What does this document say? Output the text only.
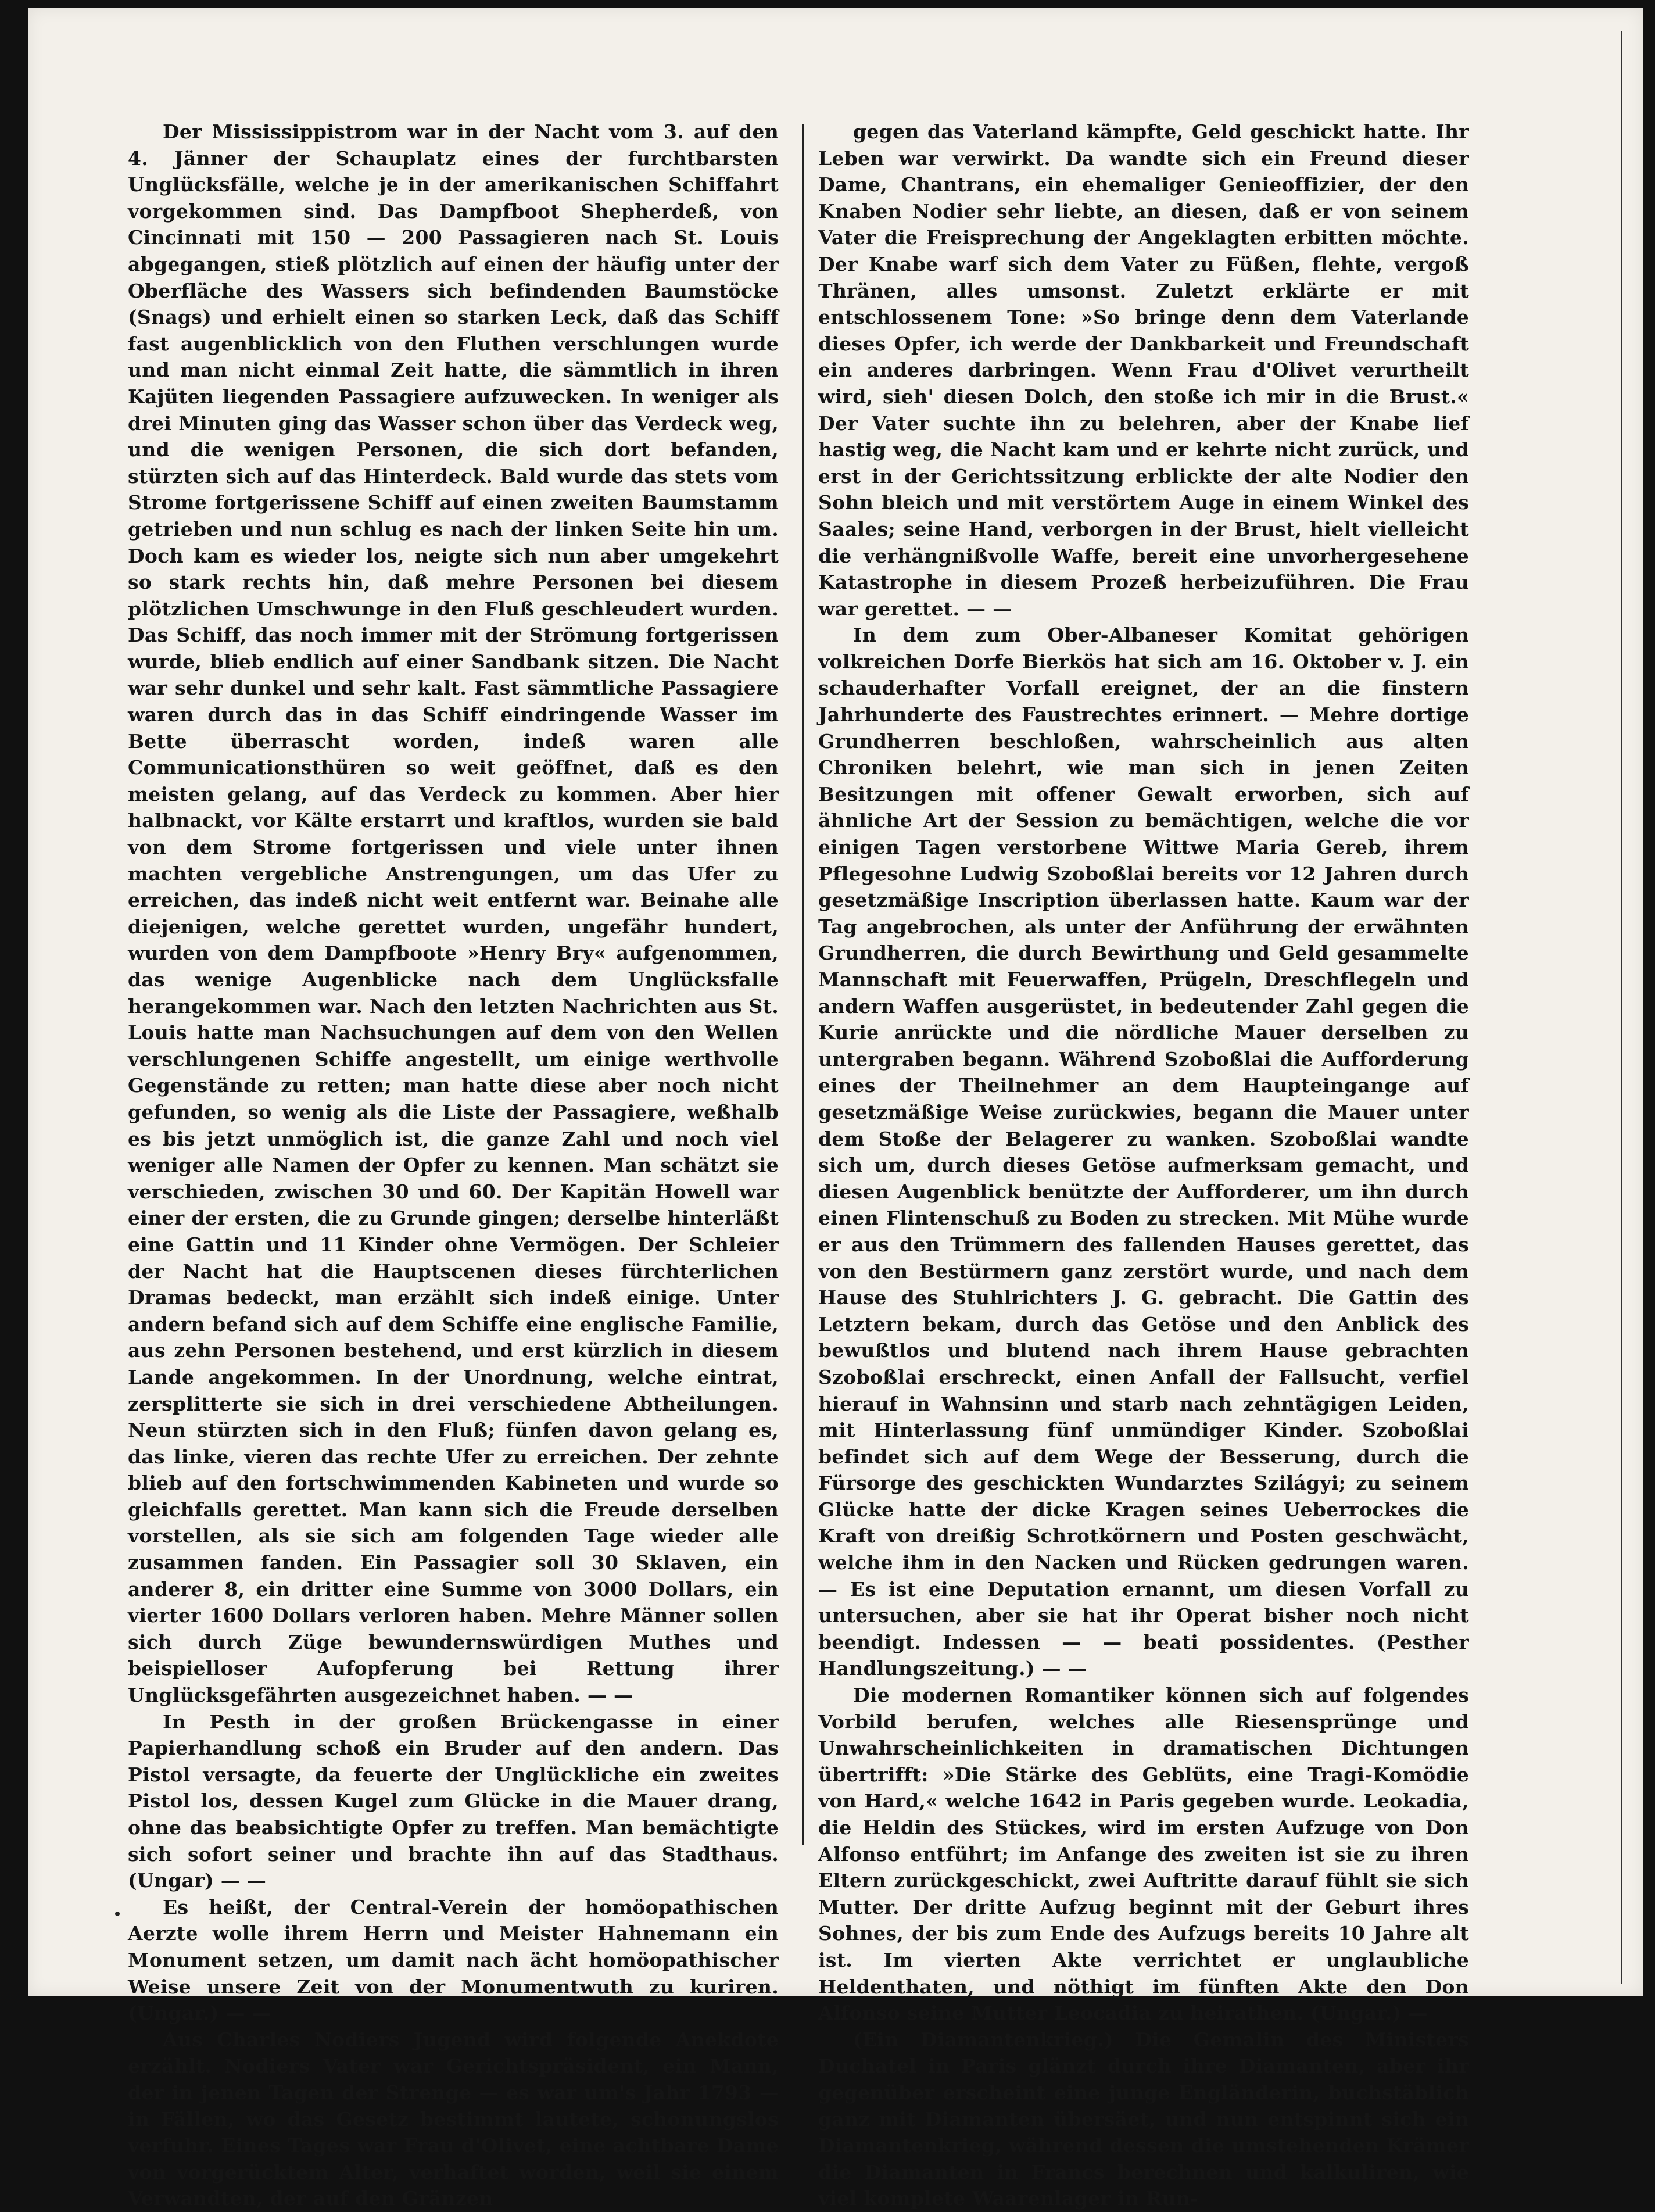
Der Mississippistrom war in der Nacht vom 3. auf den 4. Jänner der Schauplatz eines der furchtbarsten Unglücksfälle, welche je in der amerikanischen Schiffahrt vorgekommen sind. Das Dampfboot Shepherdeß, von Cincinnati mit 150 — 200 Passagieren nach St. Louis abgegangen, stieß plötzlich auf einen der häufig unter der Oberfläche des Wassers sich befindenden Baumstöcke (Snags) und erhielt einen so starken Leck, daß das Schiff fast augenblicklich von den Fluthen verschlungen wurde und man nicht einmal Zeit hatte, die sämmtlich in ihren Kajüten liegenden Passagiere aufzuwecken. In weniger als drei Minuten ging das Wasser schon über das Verdeck weg, und die wenigen Personen, die sich dort befanden, stürzten sich auf das Hinterdeck. Bald wurde das stets vom Strome fortgerissene Schiff auf einen zweiten Baumstamm getrieben und nun schlug es nach der linken Seite hin um. Doch kam es wieder los, neigte sich nun aber umgekehrt so stark rechts hin, daß mehre Personen bei diesem plötzlichen Umschwunge in den Fluß geschleudert wurden. Das Schiff, das noch immer mit der Strömung fortgerissen wurde, blieb endlich auf einer Sandbank sitzen. Die Nacht war sehr dunkel und sehr kalt. Fast sämmtliche Passagiere waren durch das in das Schiff eindringende Wasser im Bette überrascht worden, indeß waren alle Communicationsthüren so weit geöffnet, daß es den meisten gelang, auf das Verdeck zu kommen. Aber hier halbnackt, vor Kälte erstarrt und kraftlos, wurden sie bald von dem Strome fortgerissen und viele unter ihnen machten vergebliche Anstrengungen, um das Ufer zu erreichen, das indeß nicht weit entfernt war. Beinahe alle diejenigen, welche gerettet wurden, ungefähr hundert, wurden von dem Dampfboote »Henry Bry« aufgenommen, das wenige Augenblicke nach dem Unglücksfalle herangekommen war. Nach den letzten Nachrichten aus St. Louis hatte man Nachsuchungen auf dem von den Wellen verschlungenen Schiffe angestellt, um einige werthvolle Gegenstände zu retten; man hatte diese aber noch nicht gefunden, so wenig als die Liste der Passagiere, weßhalb es bis jetzt unmöglich ist, die ganze Zahl und noch viel weniger alle Namen der Opfer zu kennen. Man schätzt sie verschieden, zwischen 30 und 60. Der Kapitän Howell war einer der ersten, die zu Grunde gingen; derselbe hinterläßt eine Gattin und 11 Kinder ohne Vermögen. Der Schleier der Nacht hat die Hauptscenen dieses fürchterlichen Dramas bedeckt, man erzählt sich indeß einige. Unter andern befand sich auf dem Schiffe eine englische Familie, aus zehn Personen bestehend, und erst kürzlich in diesem Lande angekommen. In der Unordnung, welche eintrat, zersplitterte sie sich in drei verschiedene Abtheilungen. Neun stürzten sich in den Fluß; fünfen davon gelang es, das linke, vieren das rechte Ufer zu erreichen. Der zehnte blieb auf den fortschwimmenden Kabineten und wurde so gleichfalls gerettet. Man kann sich die Freude derselben vorstellen, als sie sich am folgenden Tage wieder alle zusammen fanden. Ein Passagier soll 30 Sklaven, ein anderer 8, ein dritter eine Summe von 3000 Dollars, ein vierter 1600 Dollars verloren haben. Mehre Männer sollen sich durch Züge bewundernswürdigen Muthes und beispielloser Aufopferung bei Rettung ihrer Unglücksgefährten ausgezeichnet haben. — —

In Pesth in der großen Brückengasse in einer Papierhandlung schoß ein Bruder auf den andern. Das Pistol versagte, da feuerte der Unglückliche ein zweites Pistol los, dessen Kugel zum Glücke in die Mauer drang, ohne das beabsichtigte Opfer zu treffen. Man bemächtigte sich sofort seiner und brachte ihn auf das Stadthaus. (Ungar) — —

Es heißt, der Central-Verein der homöopathischen Aerzte wolle ihrem Herrn und Meister Hahnemann ein Monument setzen, um damit nach ächt homöopathischer Weise unsere Zeit von der Monumentwuth zu kuriren. (Ungar.) — —

Aus Charles Nodiers Jugend wird folgende Anekdote erzählt. Nodiers Vater war Gerichtspräsident, ein Mann, der in jenen Tagen der Strenge — es war um's Jahr 1793 — in Fällen, wo das Gesetz bestimmt lautete, schonungslos verfuhr. Eines Tages war Frau d'Olivet, eine achtbare Dame von vorgerücktem Alter, verhaftet worden, weil sie einem Verwandten, der auf den Gränzen

gegen das Vaterland kämpfte, Geld geschickt hatte. Ihr Leben war verwirkt. Da wandte sich ein Freund dieser Dame, Chantrans, ein ehemaliger Genieoffizier, der den Knaben Nodier sehr liebte, an diesen, daß er von seinem Vater die Freisprechung der Angeklagten erbitten möchte. Der Knabe warf sich dem Vater zu Füßen, flehte, vergoß Thränen, alles umsonst. Zuletzt erklärte er mit entschlossenem Tone: »So bringe denn dem Vaterlande dieses Opfer, ich werde der Dankbarkeit und Freundschaft ein anderes darbringen. Wenn Frau d'Olivet verurtheilt wird, sieh' diesen Dolch, den stoße ich mir in die Brust.« Der Vater suchte ihn zu belehren, aber der Knabe lief hastig weg, die Nacht kam und er kehrte nicht zurück, und erst in der Gerichtssitzung erblickte der alte Nodier den Sohn bleich und mit verstörtem Auge in einem Winkel des Saales; seine Hand, verborgen in der Brust, hielt vielleicht die verhängnißvolle Waffe, bereit eine unvorhergesehene Katastrophe in diesem Prozeß herbeizuführen. Die Frau war gerettet. — —

In dem zum Ober-Albaneser Komitat gehörigen volkreichen Dorfe Bierkös hat sich am 16. Oktober v. J. ein schauderhafter Vorfall ereignet, der an die finstern Jahrhunderte des Faustrechtes erinnert. — Mehre dortige Grundherren beschloßen, wahrscheinlich aus alten Chroniken belehrt, wie man sich in jenen Zeiten Besitzungen mit offener Gewalt erworben, sich auf ähnliche Art der Session zu bemächtigen, welche die vor einigen Tagen verstorbene Wittwe Maria Gereb, ihrem Pflegesohne Ludwig Szoboßlai bereits vor 12 Jahren durch gesetzmäßige Inscription überlassen hatte. Kaum war der Tag angebrochen, als unter der Anführung der erwähnten Grundherren, die durch Bewirthung und Geld gesammelte Mannschaft mit Feuerwaffen, Prügeln, Dreschflegeln und andern Waffen ausgerüstet, in bedeutender Zahl gegen die Kurie anrückte und die nördliche Mauer derselben zu untergraben begann. Während Szoboßlai die Aufforderung eines der Theilnehmer an dem Haupteingange auf gesetzmäßige Weise zurückwies, begann die Mauer unter dem Stoße der Belagerer zu wanken. Szoboßlai wandte sich um, durch dieses Getöse aufmerksam gemacht, und diesen Augenblick benützte der Aufforderer, um ihn durch einen Flintenschuß zu Boden zu strecken. Mit Mühe wurde er aus den Trümmern des fallenden Hauses gerettet, das von den Bestürmern ganz zerstört wurde, und nach dem Hause des Stuhlrichters J. G. gebracht. Die Gattin des Letztern bekam, durch das Getöse und den Anblick des bewußtlos und blutend nach ihrem Hause gebrachten Szoboßlai erschreckt, einen Anfall der Fallsucht, verfiel hierauf in Wahnsinn und starb nach zehntägigen Leiden, mit Hinterlassung fünf unmündiger Kinder. Szoboßlai befindet sich auf dem Wege der Besserung, durch die Fürsorge des geschickten Wundarztes Szilágyi; zu seinem Glücke hatte der dicke Kragen seines Ueberrockes die Kraft von dreißig Schrotkörnern und Posten geschwächt, welche ihm in den Nacken und Rücken gedrungen waren. — Es ist eine Deputation ernannt, um diesen Vorfall zu untersuchen, aber sie hat ihr Operat bisher noch nicht beendigt. Indessen — — beati possidentes. (Pesther Handlungszeitung.) — —

Die modernen Romantiker können sich auf folgendes Vorbild berufen, welches alle Riesensprünge und Unwahrscheinlichkeiten in dramatischen Dichtungen übertrifft: »Die Stärke des Geblüts, eine Tragi-Komödie von Hard,« welche 1642 in Paris gegeben wurde. Leokadia, die Heldin des Stückes, wird im ersten Aufzuge von Don Alfonso entführt; im Anfange des zweiten ist sie zu ihren Eltern zurückgeschickt, zwei Auftritte darauf fühlt sie sich Mutter. Der dritte Aufzug beginnt mit der Geburt ihres Sohnes, der bis zum Ende des Aufzugs bereits 10 Jahre alt ist. Im vierten Akte verrichtet er unglaubliche Heldenthaten, und nöthigt im fünften Akte den Don Alfonso seine Mutter Leocadia zu heirathen. (Ungar.) —

(Ein Diamantenkrieg.) Die Gemalin des Ministers Duchatel in Paris glänzt durch ihre Diamanten, aber ihr gegenüber erscheint eine junge Engländerin, buchstäblich ganz mit Diamanten übersäet, und nun entspinnt sich ein Diamantenkrieg, während dessen die umstehenden Krämer die Diamanten in Francs berechnen und kalkuliren, wie viel komplete Waarenlager in Run-
